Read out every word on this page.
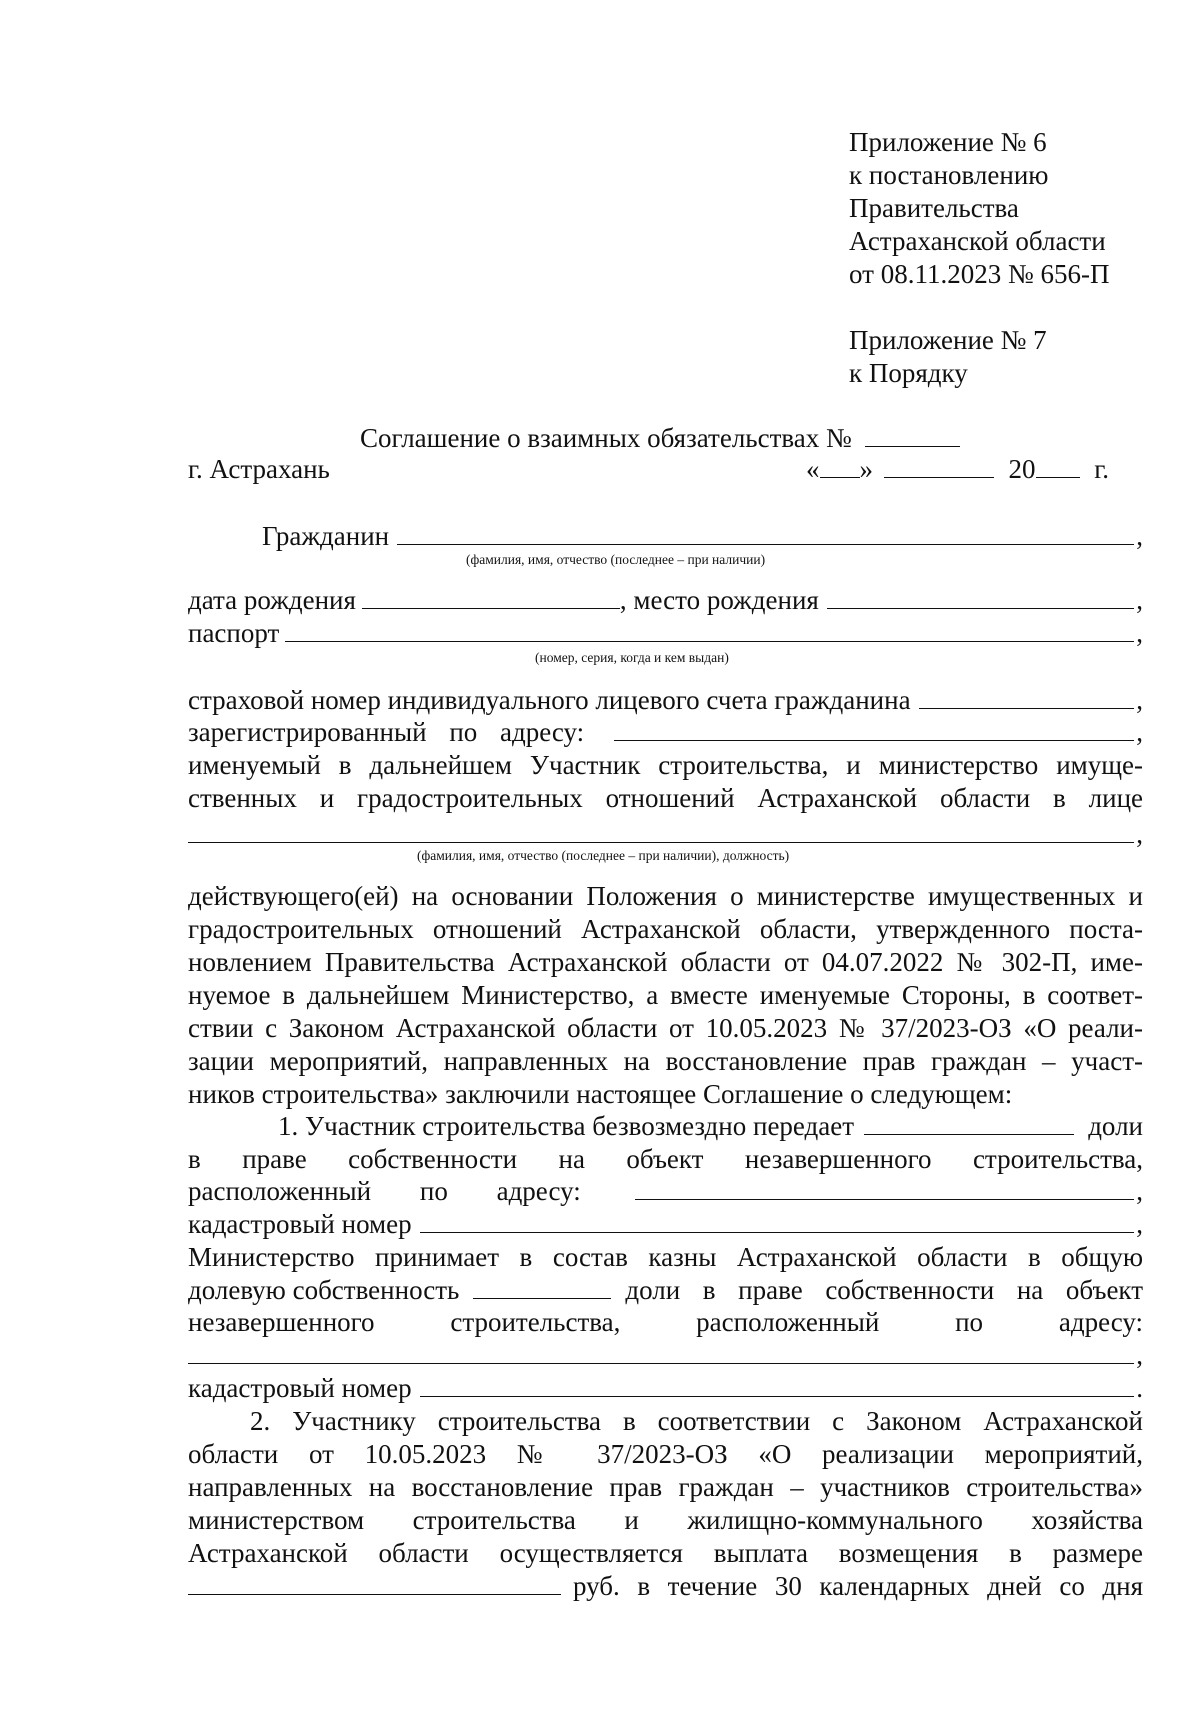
Приложение № 6
к постановлению
Правительства
Астраханской области
от 08.11.2023 № 656-П
Приложение № 7
к Порядку
Соглашение о взаимных обязательствах №
г. Астрахань	« »	20 г.
Гражданин	,
(фамилия, имя, отчество (последнее – при наличии)
дата рождения	, место рождения	,
паспорт	,
(номер, серия, когда и кем выдан)
страховой номер индивидуального лицевого счета гражданина	,
зарегистрированный по адресу:	,
именуемый в дальнейшем Участник строительства, и министерство имуще-
ственных и градостроительных отношений Астраханской области в лице
,
(фамилия, имя, отчество (последнее – при наличии), должность)
действующего(ей) на основании Положения о министерстве имущественных и
градостроительных отношений Астраханской области, утвержденного поста-
новлением Правительства Астраханской области от 04.07.2022 № 302-П, име-
нуемое в дальнейшем Министерство, а вместе именуемые Стороны, в соответ-
ствии с Законом Астраханской области от 10.05.2023 № 37/2023-ОЗ «О реали-
зации мероприятий, направленных на восстановление прав граждан – участ-
ников строительства» заключили настоящее Соглашение о следующем:
1. Участник строительства безвозмездно передает	доли
в праве собственности на объект незавершенного строительства,
расположенный по адресу:	,
кадастровый номер	,
Министерство принимает в состав казны Астраханской области в общую
долевую собственность	доли в праве собственности на объект
незавершенного строительства, расположенный по адресу:
,
кадастровый номер	.
2. Участнику строительства в соответствии с Законом Астраханской
области от 10.05.2023 № 37/2023-ОЗ «О реализации мероприятий,
направленных на восстановление прав граждан – участников строительства»
министерством строительства и жилищно-коммунального хозяйства
Астраханской области осуществляется выплата возмещения в размере
руб. в течение 30 календарных дней со дня
